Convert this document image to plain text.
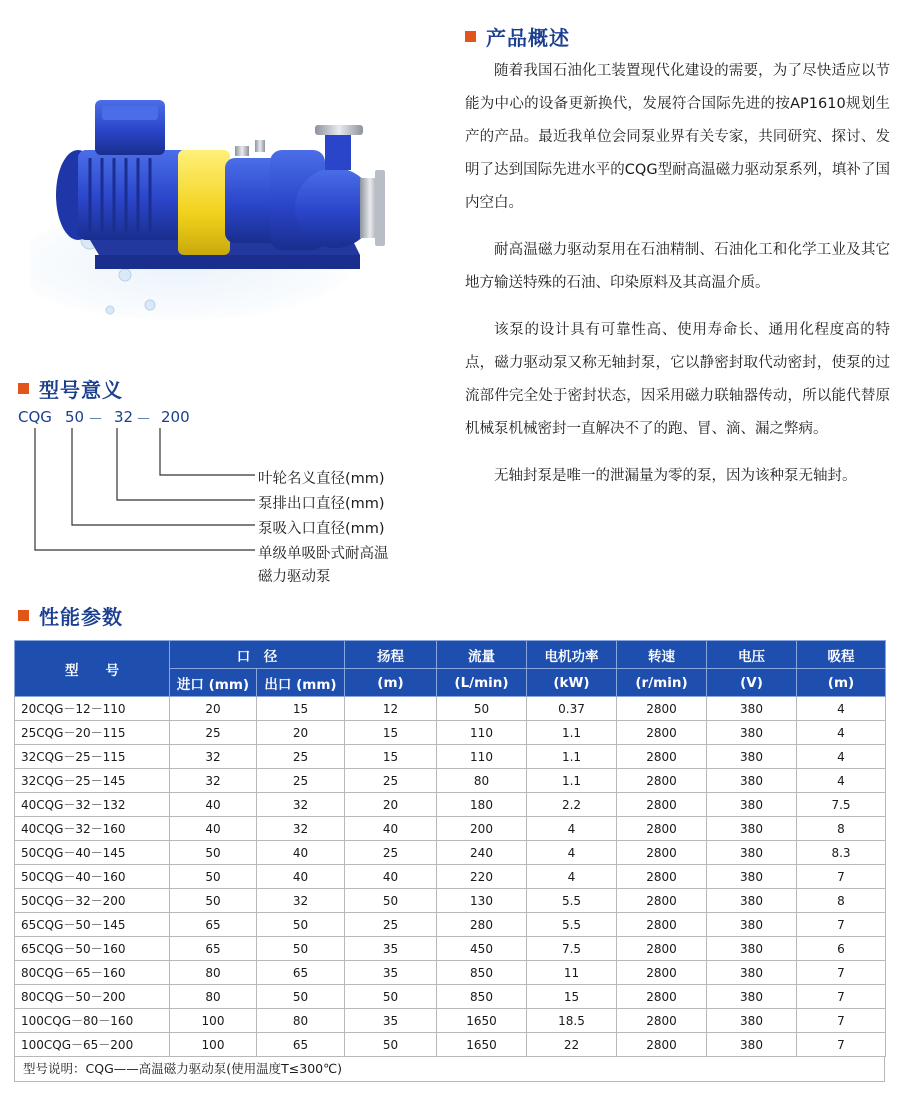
产品概述

随着我国石油化工装置现代化建设的需要，为了尽快适应以节能为中心的设备更新换代，发展符合国际先进的按AP1610规划生产的产品。最近我单位会同泵业界有关专家，共同研究、探讨、发明了达到国际先进水平的CQG型耐高温磁力驱动泵系列，填补了国内空白。

耐高温磁力驱动泵用在石油精制、石油化工和化学工业及其它地方输送特殊的石油、印染原料及其高温介质。

该泵的设计具有可靠性高、使用寿命长、通用化程度高的特点，磁力驱动泵又称无轴封泵，它以静密封取代动密封，使泵的过流部件完全处于密封状态，因采用磁力联轴器传动，所以能代替原机械泵机械密封一直解决不了的跑、冒、滴、漏之弊病。

无轴封泵是唯一的泄漏量为零的泵，因为该种泵无轴封。

型号意义
CQG 50 － 32 － 200
叶轮名义直径(mm)
泵排出口直径(mm)
泵吸入口直径(mm)
单级单吸卧式耐高温
磁力驱动泵
性能参数
型　　号	口　径		扬程	流量	电机功率	转速	电压	吸程
	进口 (mm)	出口 (mm)	(m)	(L/min)	(kW)	(r/min)	(V)	(m)
20CQG－12－110	20	15	12	50	0.37	2800	380	4
25CQG－20－115	25	20	15	110	1.1	2800	380	4
32CQG－25－115	32	25	15	110	1.1	2800	380	4
32CQG－25－145	32	25	25	80	1.1	2800	380	4
40CQG－32－132	40	32	20	180	2.2	2800	380	7.5
40CQG－32－160	40	32	40	200	4	2800	380	8
50CQG－40－145	50	40	25	240	4	2800	380	8.3
50CQG－40－160	50	40	40	220	4	2800	380	7
50CQG－32－200	50	32	50	130	5.5	2800	380	8
65CQG－50－145	65	50	25	280	5.5	2800	380	7
65CQG－50－160	65	50	35	450	7.5	2800	380	6
80CQG－65－160	80	65	35	850	11	2800	380	7
80CQG－50－200	80	50	50	850	15	2800	380	7
100CQG－80－160	100	80	35	1650	18.5	2800	380	7
100CQG－65－200	100	65	50	1650	22	2800	380	7
型号说明：CQG——高温磁力驱动泵(使用温度T≤300℃)
